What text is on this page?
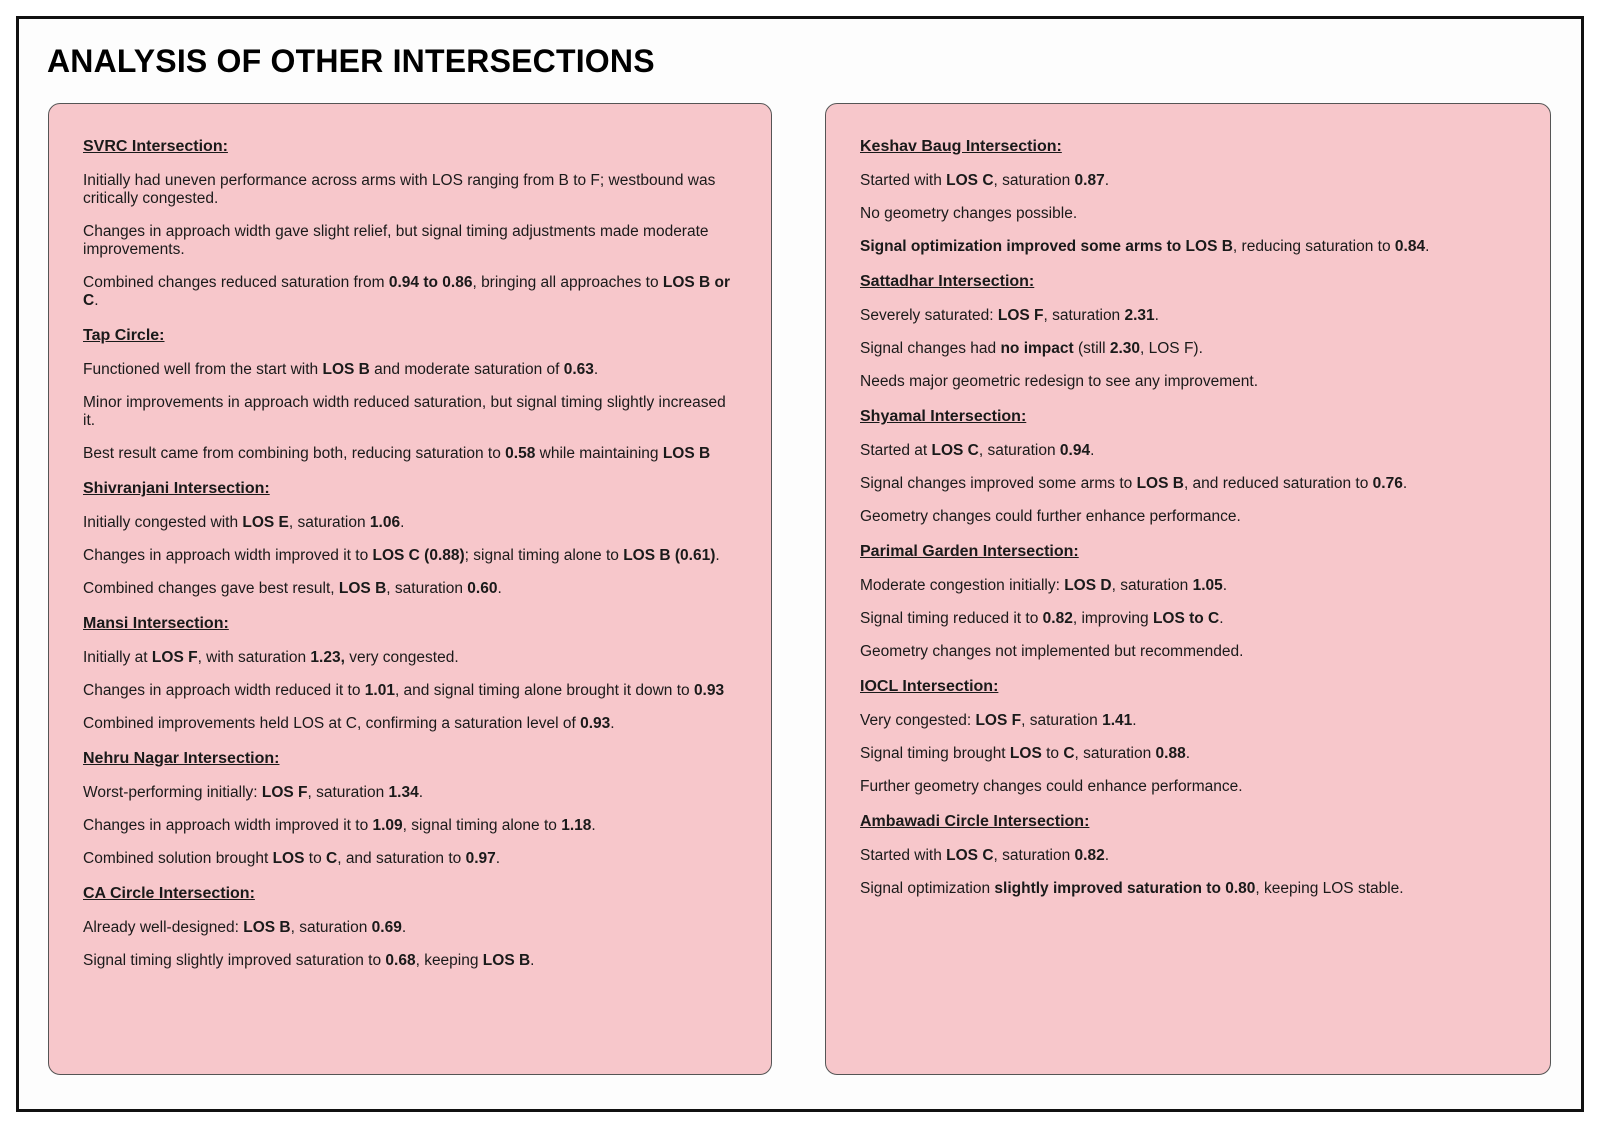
ANALYSIS OF OTHER INTERSECTIONS
SVRC Intersection:
Initially had uneven performance across arms with LOS ranging from B to F; westbound was critically congested.
Changes in approach width gave slight relief, but signal timing adjustments made moderate improvements.
Combined changes reduced saturation from 0.94 to 0.86, bringing all approaches to LOS B or C.
Tap Circle:
Functioned well from the start with LOS B and moderate saturation of 0.63.
Minor improvements in approach width reduced saturation, but signal timing slightly increased it.
Best result came from combining both, reducing saturation to 0.58 while maintaining LOS B
Shivranjani Intersection:
Initially congested with LOS E, saturation 1.06.
Changes in approach width improved it to LOS C (0.88); signal timing alone to LOS B (0.61).
Combined changes gave best result, LOS B, saturation 0.60.
Mansi Intersection:
Initially at LOS F, with saturation 1.23, very congested.
Changes in approach width reduced it to 1.01, and signal timing alone brought it down to 0.93
Combined improvements held LOS at C, confirming a saturation level of 0.93.
Nehru Nagar Intersection:
Worst-performing initially: LOS F, saturation 1.34.
Changes in approach width improved it to 1.09, signal timing alone to 1.18.
Combined solution brought LOS to C, and saturation to 0.97.
CA Circle Intersection:
Already well-designed: LOS B, saturation 0.69.
Signal timing slightly improved saturation to 0.68, keeping LOS B.
Keshav Baug Intersection:
Started with LOS C, saturation 0.87.
No geometry changes possible.
Signal optimization improved some arms to LOS B, reducing saturation to 0.84.
Sattadhar Intersection:
Severely saturated: LOS F, saturation 2.31.
Signal changes had no impact (still 2.30, LOS F).
Needs major geometric redesign to see any improvement.
Shyamal Intersection:
Started at LOS C, saturation 0.94.
Signal changes improved some arms to LOS B, and reduced saturation to 0.76.
Geometry changes could further enhance performance.
Parimal Garden Intersection:
Moderate congestion initially: LOS D, saturation 1.05.
Signal timing reduced it to 0.82, improving LOS to C.
Geometry changes not implemented but recommended.
IOCL Intersection:
Very congested: LOS F, saturation 1.41.
Signal timing brought LOS to C, saturation 0.88.
Further geometry changes could enhance performance.
Ambawadi Circle Intersection:
Started with LOS C, saturation 0.82.
Signal optimization slightly improved saturation to 0.80, keeping LOS stable.
